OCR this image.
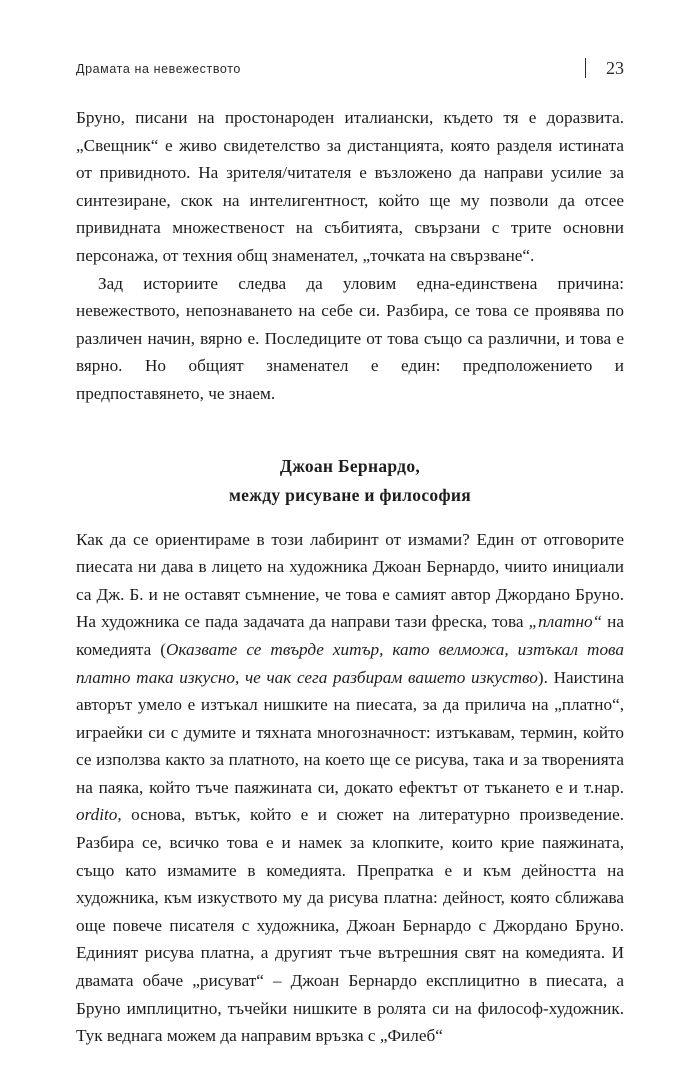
Драмата на невежеството	23

Бруно, писани на простонароден италиански, където тя е доразвита. „Свещник“ е живо свидетелство за дистанцията, която разделя истината от привидното. На зрителя/читателя е възложено да направи усилие за синтезиране, скок на интелигентност, който ще му позволи да отсее привидната множественост на събитията, свързани с трите основни персонажа, от техния общ знаменател, „точката на свързване“.

Зад историите следва да уловим една-единствена причина: невежеството, непознаването на себе си. Разбира, се това се проявява по различен начин, вярно е. Последиците от това също са различни, и това е вярно. Но общият знаменател е един: предположението и предпоставянето, че знаем.

Джоан Бернардо,
между рисуване и философия

Как да се ориентираме в този лабиринт от измами? Един от отговорите пиесата ни дава в лицето на художника Джоан Бернардо, чиито инициали са Дж. Б. и не оставят съмнение, че това е самият автор Джордано Бруно. На художника се пада задачата да направи тази фреска, това „платно“ на комедията (Оказвате се твърде хитър, като велможа, изтъкал това платно така изкусно, че чак сега разбирам вашето изкуство). Наистина авторът умело е изтъкал нишките на пиесата, за да прилича на „платно“, играейки си с думите и тяхната многозначност: изтъкавам, термин, който се използва както за платното, на което ще се рисува, така и за творенията на паяка, който тъче паяжината си, докато ефектът от тъкането е и т.нар. ordito, основа, вътък, който е и сюжет на литературно произведение. Разбира се, всичко това е и намек за клопките, които крие паяжината, също като измамите в комедията. Препратка е и към дейността на художника, към изкуството му да рисува платна: дейност, която сближава още повече писателя с художника, Джоан Бернардо с Джордано Бруно. Единият рисува платна, а другият тъче вътрешния свят на комедията. И двамата обаче „рисуват“ – Джоан Бернардо експлицитно в пиесата, а Бруно имплицитно, тъчейки нишките в ролята си на философ-художник. Тук веднага можем да направим връзка с „Филеб“
